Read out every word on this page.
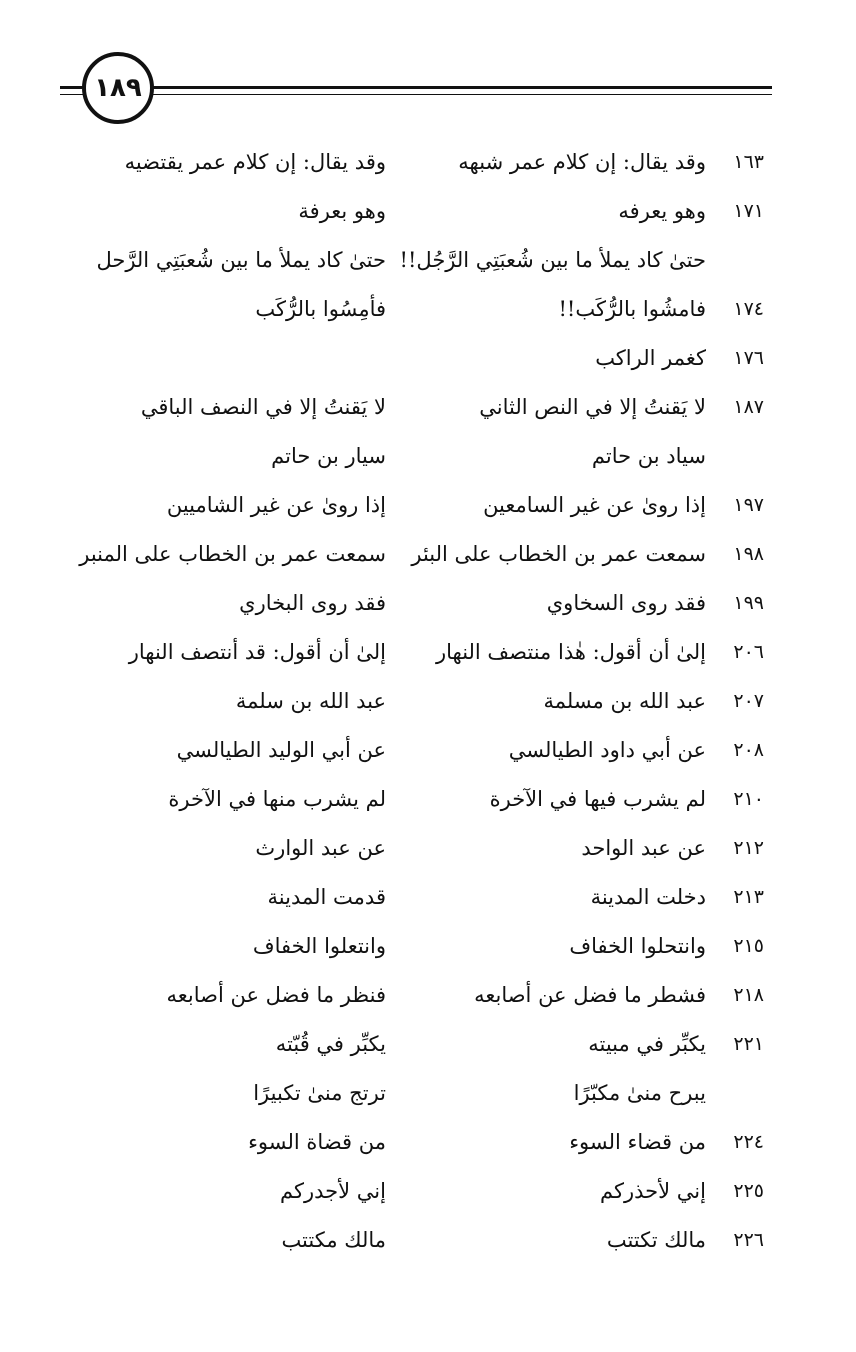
١٨٩
١٦٣
وقد يقال: إن كلام عمر شبهه
وقد يقال: إن كلام عمر يقتضيه
١٧١
وهو يعرفه
وهو بعرفة
حتىٰ كاد يملأ ما بين شُعبَتِي الرَّجُل!!
حتىٰ كاد يملأ ما بين شُعبَتِي الرَّحل
١٧٤
فامشُوا بالرُّكَب!!
فأمِسُوا بالرُّكَب
١٧٦
كغمر الراكب
١٨٧
لا يَقنتُ إلا في النص الثاني
لا يَقنتُ إلا في النصف الباقي
سياد بن حاتم
سيار بن حاتم
١٩٧
إذا روىٰ عن غير السامعين
إذا روىٰ عن غير الشاميين
١٩٨
سمعت عمر بن الخطاب على البئر
سمعت عمر بن الخطاب على المنبر
١٩٩
فقد روى السخاوي
فقد روى البخاري
٢٠٦
إلىٰ أن أقول: هٰذا منتصف النهار
إلىٰ أن أقول: قد أنتصف النهار
٢٠٧
عبد الله بن مسلمة
عبد الله بن سلمة
٢٠٨
عن أبي داود الطيالسي
عن أبي الوليد الطيالسي
٢١٠
لم يشرب فيها في الآخرة
لم يشرب منها في الآخرة
٢١٢
عن عبد الواحد
عن عبد الوارث
٢١٣
دخلت المدينة
قدمت المدينة
٢١٥
وانتحلوا الخفاف
وانتعلوا الخفاف
٢١٨
فشطر ما فضل عن أصابعه
فنظر ما فضل عن أصابعه
٢٢١
يكبِّر في مبيته
يكبِّر في قُبّته
يبرح منىٰ مكبّرًا
ترتج منىٰ تكبيرًا
٢٢٤
من قضاء السوء
من قضاة السوء
٢٢٥
إني لأحذركم
إني لأجدركم
٢٢٦
مالك تكتتب
مالك مكتتب
